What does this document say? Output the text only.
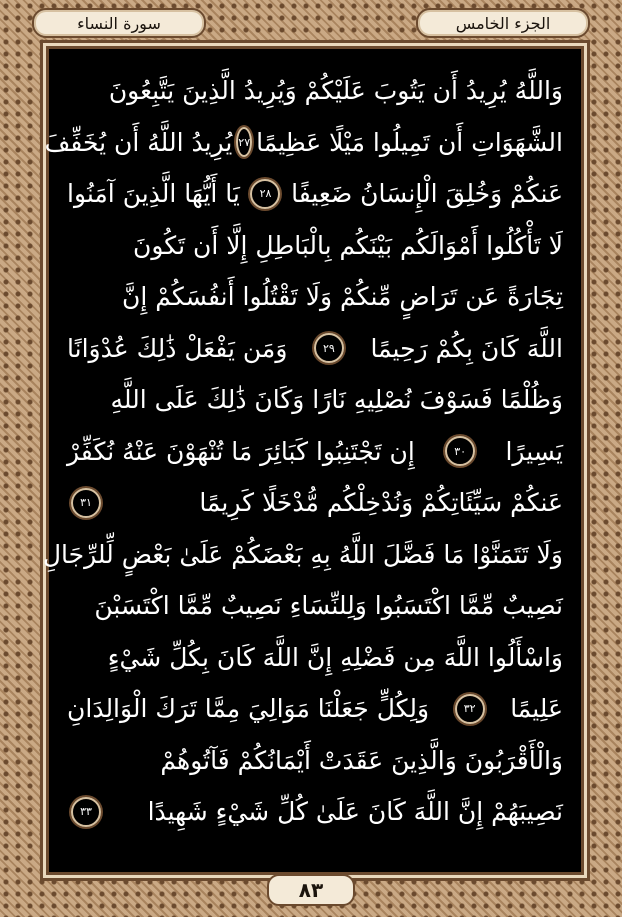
سورة النساء	الجزء الخامس
وَاللَّهُ يُرِيدُ أَن يَتُوبَ عَلَيْكُمْ وَيُرِيدُ الَّذِينَ يَتَّبِعُونَ
الشَّهَوَاتِ أَن تَمِيلُوا مَيْلًا عَظِيمًا
٢٧
يُرِيدُ اللَّهُ أَن يُخَفِّفَ
عَنكُمْ وَخُلِقَ الْإِنسَانُ ضَعِيفًا
٢٨
يَا أَيُّهَا الَّذِينَ آمَنُوا
لَا تَأْكُلُوا أَمْوَالَكُم بَيْنَكُم بِالْبَاطِلِ إِلَّا أَن تَكُونَ
تِجَارَةً عَن تَرَاضٍ مِّنكُمْ وَلَا تَقْتُلُوا أَنفُسَكُمْ إِنَّ
اللَّهَ كَانَ بِكُمْ رَحِيمًا
٢٩
وَمَن يَفْعَلْ ذَٰلِكَ عُدْوَانًا
وَظُلْمًا فَسَوْفَ نُصْلِيهِ نَارًا وَكَانَ ذَٰلِكَ عَلَى اللَّهِ
يَسِيرًا
٣٠
إِن تَجْتَنِبُوا كَبَائِرَ مَا تُنْهَوْنَ عَنْهُ نُكَفِّرْ
عَنكُمْ سَيِّئَاتِكُمْ وَنُدْخِلْكُم مُّدْخَلًا كَرِيمًا
٣١
وَلَا تَتَمَنَّوْا مَا فَضَّلَ اللَّهُ بِهِ بَعْضَكُمْ عَلَىٰ بَعْضٍ لِّلرِّجَالِ
نَصِيبٌ مِّمَّا اكْتَسَبُوا وَلِلنِّسَاءِ نَصِيبٌ مِّمَّا اكْتَسَبْنَ
وَاسْأَلُوا اللَّهَ مِن فَضْلِهِ إِنَّ اللَّهَ كَانَ بِكُلِّ شَيْءٍ
عَلِيمًا
٣٢
وَلِكُلٍّ جَعَلْنَا مَوَالِيَ مِمَّا تَرَكَ الْوَالِدَانِ
وَالْأَقْرَبُونَ وَالَّذِينَ عَقَدَتْ أَيْمَانُكُمْ فَآتُوهُمْ
نَصِيبَهُمْ إِنَّ اللَّهَ كَانَ عَلَىٰ كُلِّ شَيْءٍ شَهِيدًا
٣٣
٨٣
